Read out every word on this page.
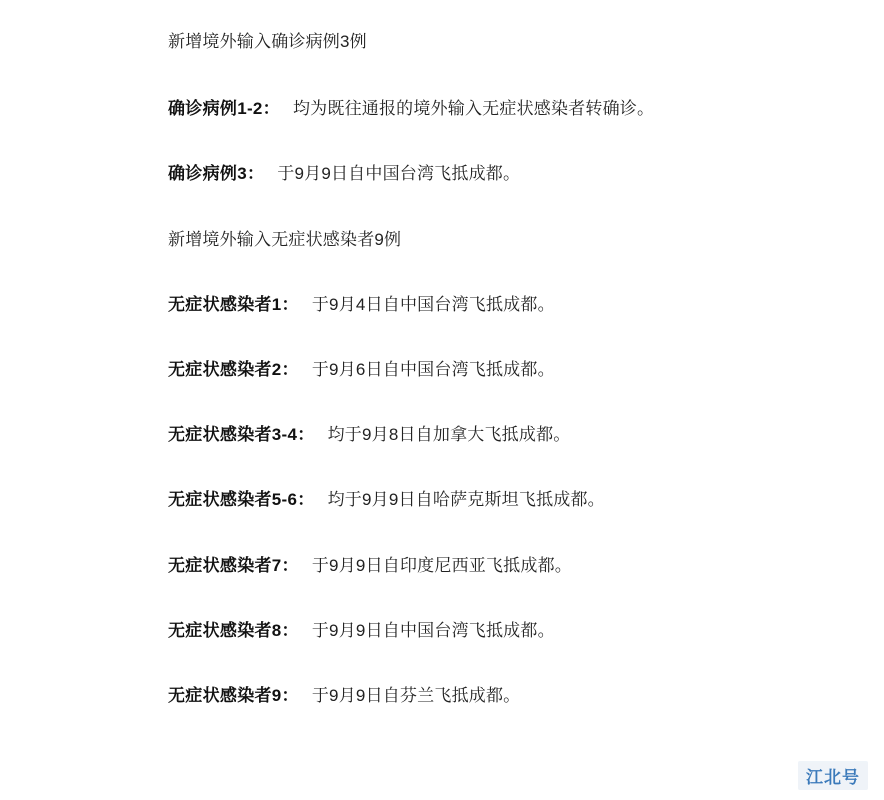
新增境外输入确诊病例3例

确诊病例1-2： 均为既往通报的境外输入无症状感染者转确诊。

确诊病例3： 于9月9日自中国台湾飞抵成都。

新增境外输入无症状感染者9例

无症状感染者1： 于9月4日自中国台湾飞抵成都。

无症状感染者2： 于9月6日自中国台湾飞抵成都。

无症状感染者3-4： 均于9月8日自加拿大飞抵成都。

无症状感染者5-6： 均于9月9日自哈萨克斯坦飞抵成都。

无症状感染者7： 于9月9日自印度尼西亚飞抵成都。

无症状感染者8： 于9月9日自中国台湾飞抵成都。

无症状感染者9： 于9月9日自芬兰飞抵成都。

江北号
